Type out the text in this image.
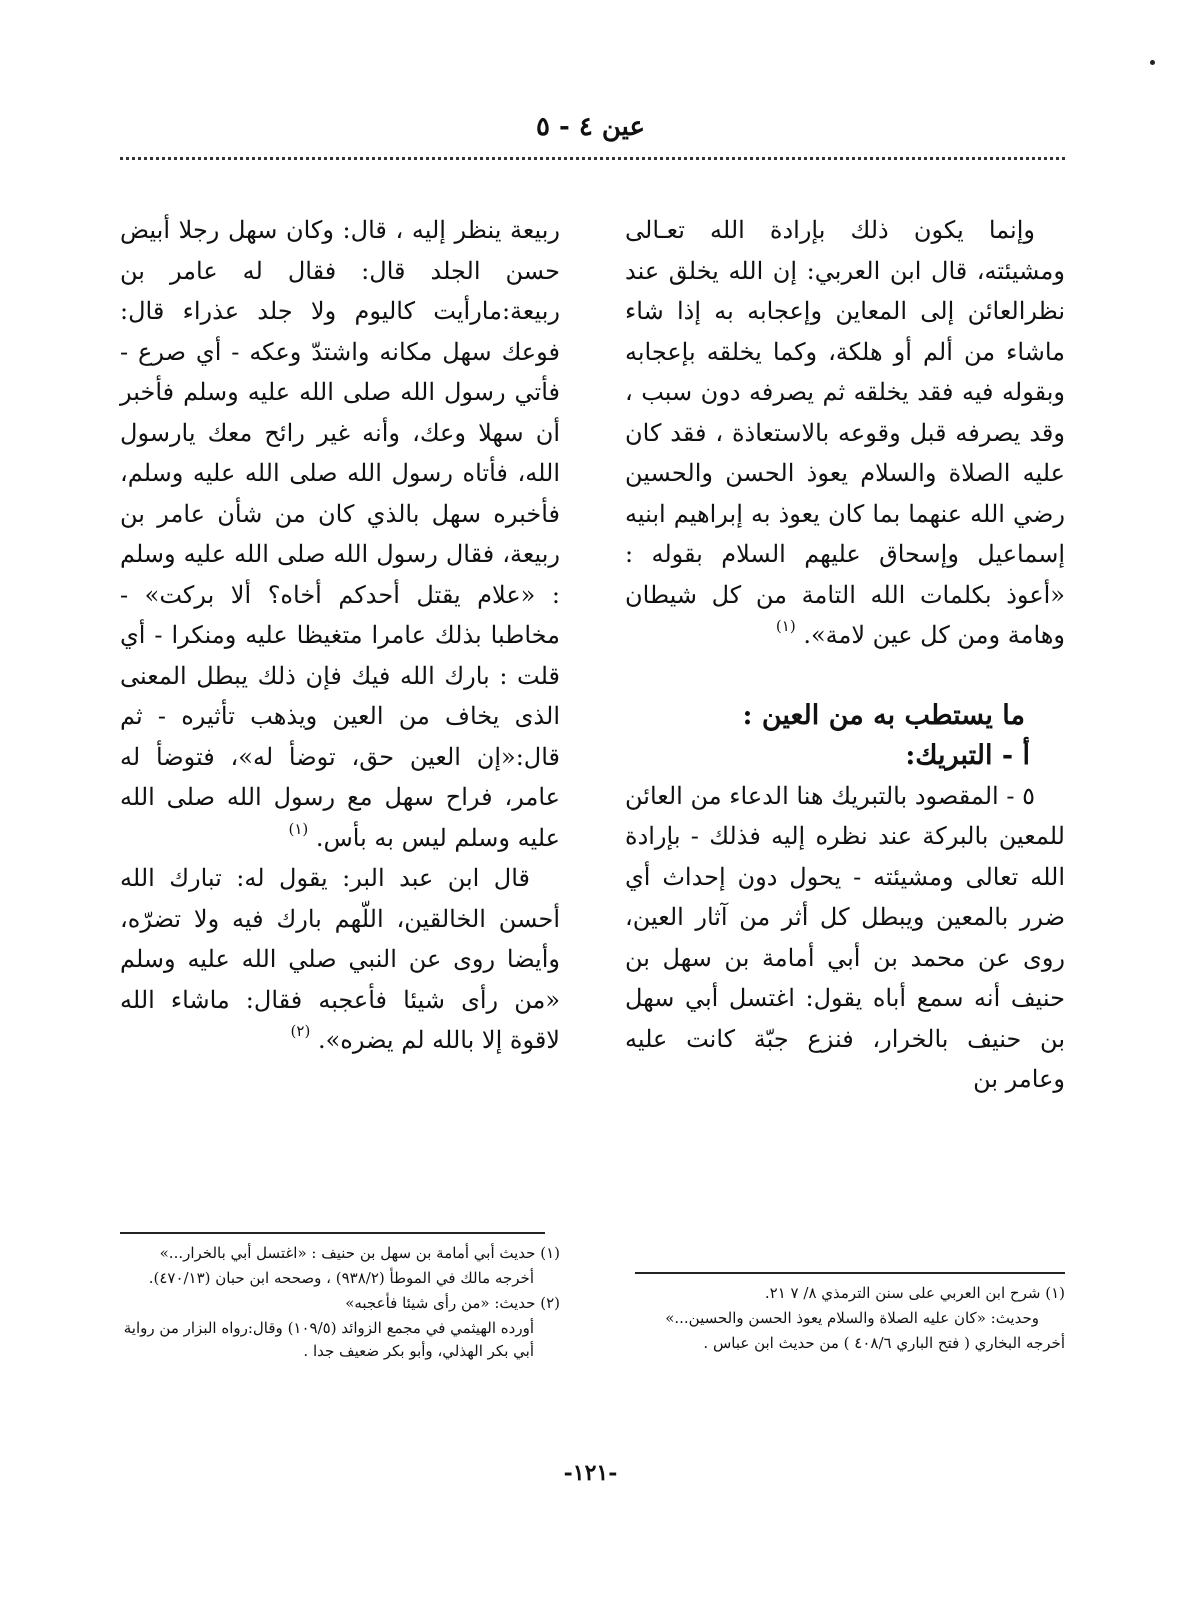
عين ٤ - ٥

وإنما يكون ذلك بإرادة الله تعـالى ومشيئته، قال ابن العربي: إن الله يخلق عند نظرالعائن إلى المعاين وإعجابه به إذا شاء ماشاء من ألم أو هلكة، وكما يخلقه بإعجابه وبقوله فيه فقد يخلقه ثم يصرفه دون سبب ، وقد يصرفه قبل وقوعه بالاستعاذة ، فقد كان عليه الصلاة والسلام يعوذ الحسن والحسين رضي الله عنهما بما كان يعوذ به إبراهيم ابنيه إسماعيل وإسحاق عليهم السلام بقوله : «أعوذ بكلمات الله التامة من كل شيطان وهامة ومن كل عين لامة». $^{(١)}$

ما يستطب به من العين :

أ - التبريك:

٥ - المقصود بالتبريك هنا الدعاء من العائن للمعين بالبركة عند نظره إليه فذلك - بإرادة الله تعالى ومشيئته - يحول دون إحداث أي ضرر بالمعين ويبطل كل أثر من آثار العين، روى عن محمد بن أبي أمامة بن سهل بن حنيف أنه سمع أباه يقول: اغتسل أبي سهل بن حنيف بالخرار، فنزع جبّة كانت عليه وعامر بن

ربيعة ينظر إليه ، قال: وكان سهل رجلا أبيض حسن الجلد قال: فقال له عامر بن ربيعة:مارأيت كاليوم ولا جلد عذراء قال: فوعك سهل مكانه واشتدّ وعكه - أي صرع - فأتي رسول الله صلى الله عليه وسلم فأخبر أن سهلا وعك، وأنه غير رائح معك يارسول الله، فأتاه رسول الله صلى الله عليه وسلم، فأخبره سهل بالذي كان من شأن عامر بن ربيعة، فقال رسول الله صلى الله عليه وسلم : «علام يقتل أحدكم أخاه؟ ألا بركت» - مخاطبا بذلك عامرا متغيظا عليه ومنكرا - أي قلت : بارك الله فيك فإن ذلك يبطل المعنى الذى يخاف من العين ويذهب تأثيره - ثم قال:«إن العين حق، توضأ له»، فتوضأ له عامر، فراح سهل مع رسول الله صلى الله عليه وسلم ليس به بأس. $^{(١)}$

قال ابن عبد البر: يقول له: تبارك الله أحسن الخالقين، اللّهم بارك فيه ولا تضرّه، وأيضا روى عن النبي صلي الله عليه وسلم «من رأى شيئا فأعجبه فقال: ماشاء الله لاقوة إلا بالله لم يضره». $^{(٢)}$

(١) حديث أبي أمامة بن سهل بن حنيف : «اغتسل أبي بالخرار...»

أخرجه مالك في الموطأ (٩٣٨/٢) ، وصححه ابن حبان (٤٧٠/١٣).

(٢) حديث: «من رأى شيئا فأعجبه»

أورده الهيثمي في مجمع الزوائد (١٠٩/٥) وقال:رواه البزار من رواية أبي بكر الهذلي، وأبو بكر ضعيف جدا .

(١) شرح ابن العربي على سنن الترمذي ٨/ ٧ ٢١.

وحديث: «كان عليه الصلاة والسلام يعوذ الحسن والحسين...»

أخرجه البخاري ( فتح الباري ٤٠٨/٦ ) من حديث ابن عباس .

-١٢١-
